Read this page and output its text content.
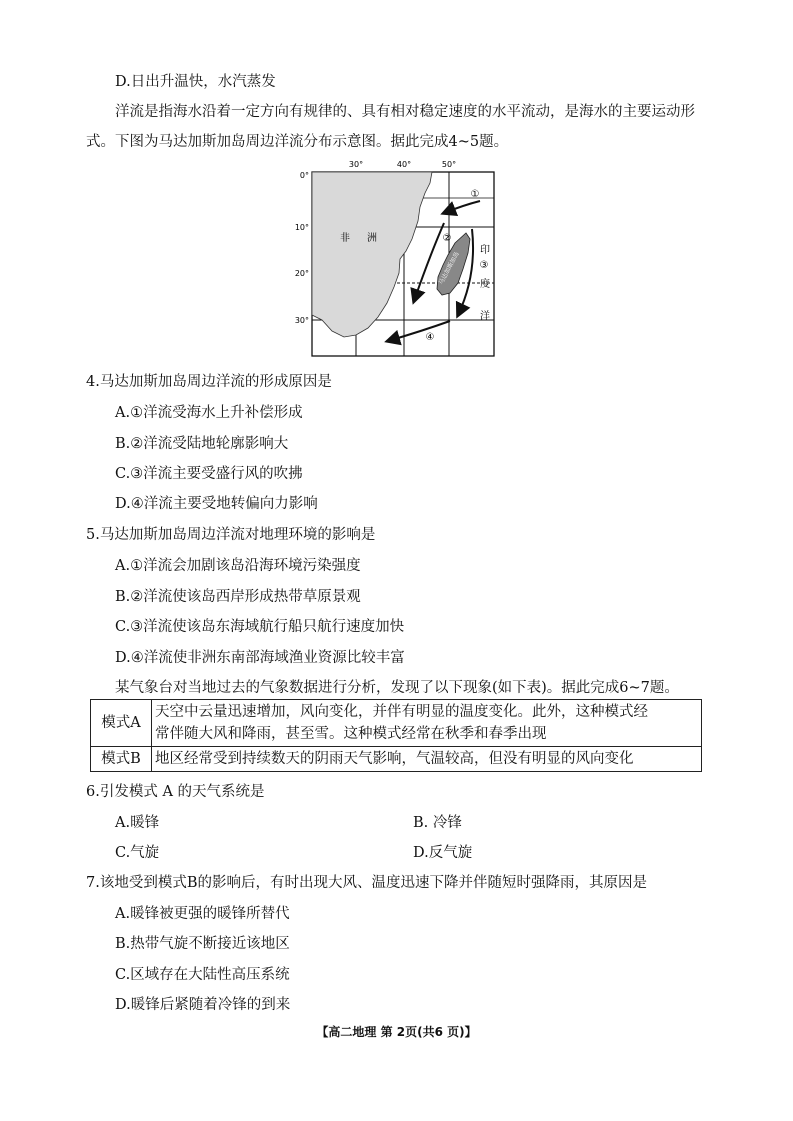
D.日出升温快，水汽蒸发
洋流是指海水沿着一定方向有规律的、具有相对稳定速度的水平流动，是海水的主要运动形
式。下图为马达加斯加岛周边洋流分布示意图。据此完成4~5题。
30°	40°	50°
0°
10°
20°
30°
非 洲
马达加斯加岛
①
②
③
④
印
度
洋
4.马达加斯加岛周边洋流的形成原因是
A.①洋流受海水上升补偿形成
B.②洋流受陆地轮廓影响大
C.③洋流主要受盛行风的吹拂
D.④洋流主要受地转偏向力影响
5.马达加斯加岛周边洋流对地理环境的影响是
A.①洋流会加剧该岛沿海环境污染强度
B.②洋流使该岛西岸形成热带草原景观
C.③洋流使该岛东海域航行船只航行速度加快
D.④洋流使非洲东南部海域渔业资源比较丰富
某气象台对当地过去的气象数据进行分析，发现了以下现象(如下表)。据此完成6~7题。
模式A	天空中云量迅速增加，风向变化，并伴有明显的温度变化。此外，这种模式经
常伴随大风和降雨，甚至雪。这种模式经常在秋季和春季出现

模式B	地区经常受到持续数天的阴雨天气影响，气温较高，但没有明显的风向变化
6.引发模式 A 的天气系统是
A.暖锋	B. 冷锋
C.气旋	D.反气旋
7.该地受到模式B的影响后，有时出现大风、温度迅速下降并伴随短时强降雨，其原因是
A.暖锋被更强的暖锋所替代
B.热带气旋不断接近该地区
C.区域存在大陆性高压系统
D.暖锋后紧随着冷锋的到来
【高二地理 第 2页(共6 页)】
